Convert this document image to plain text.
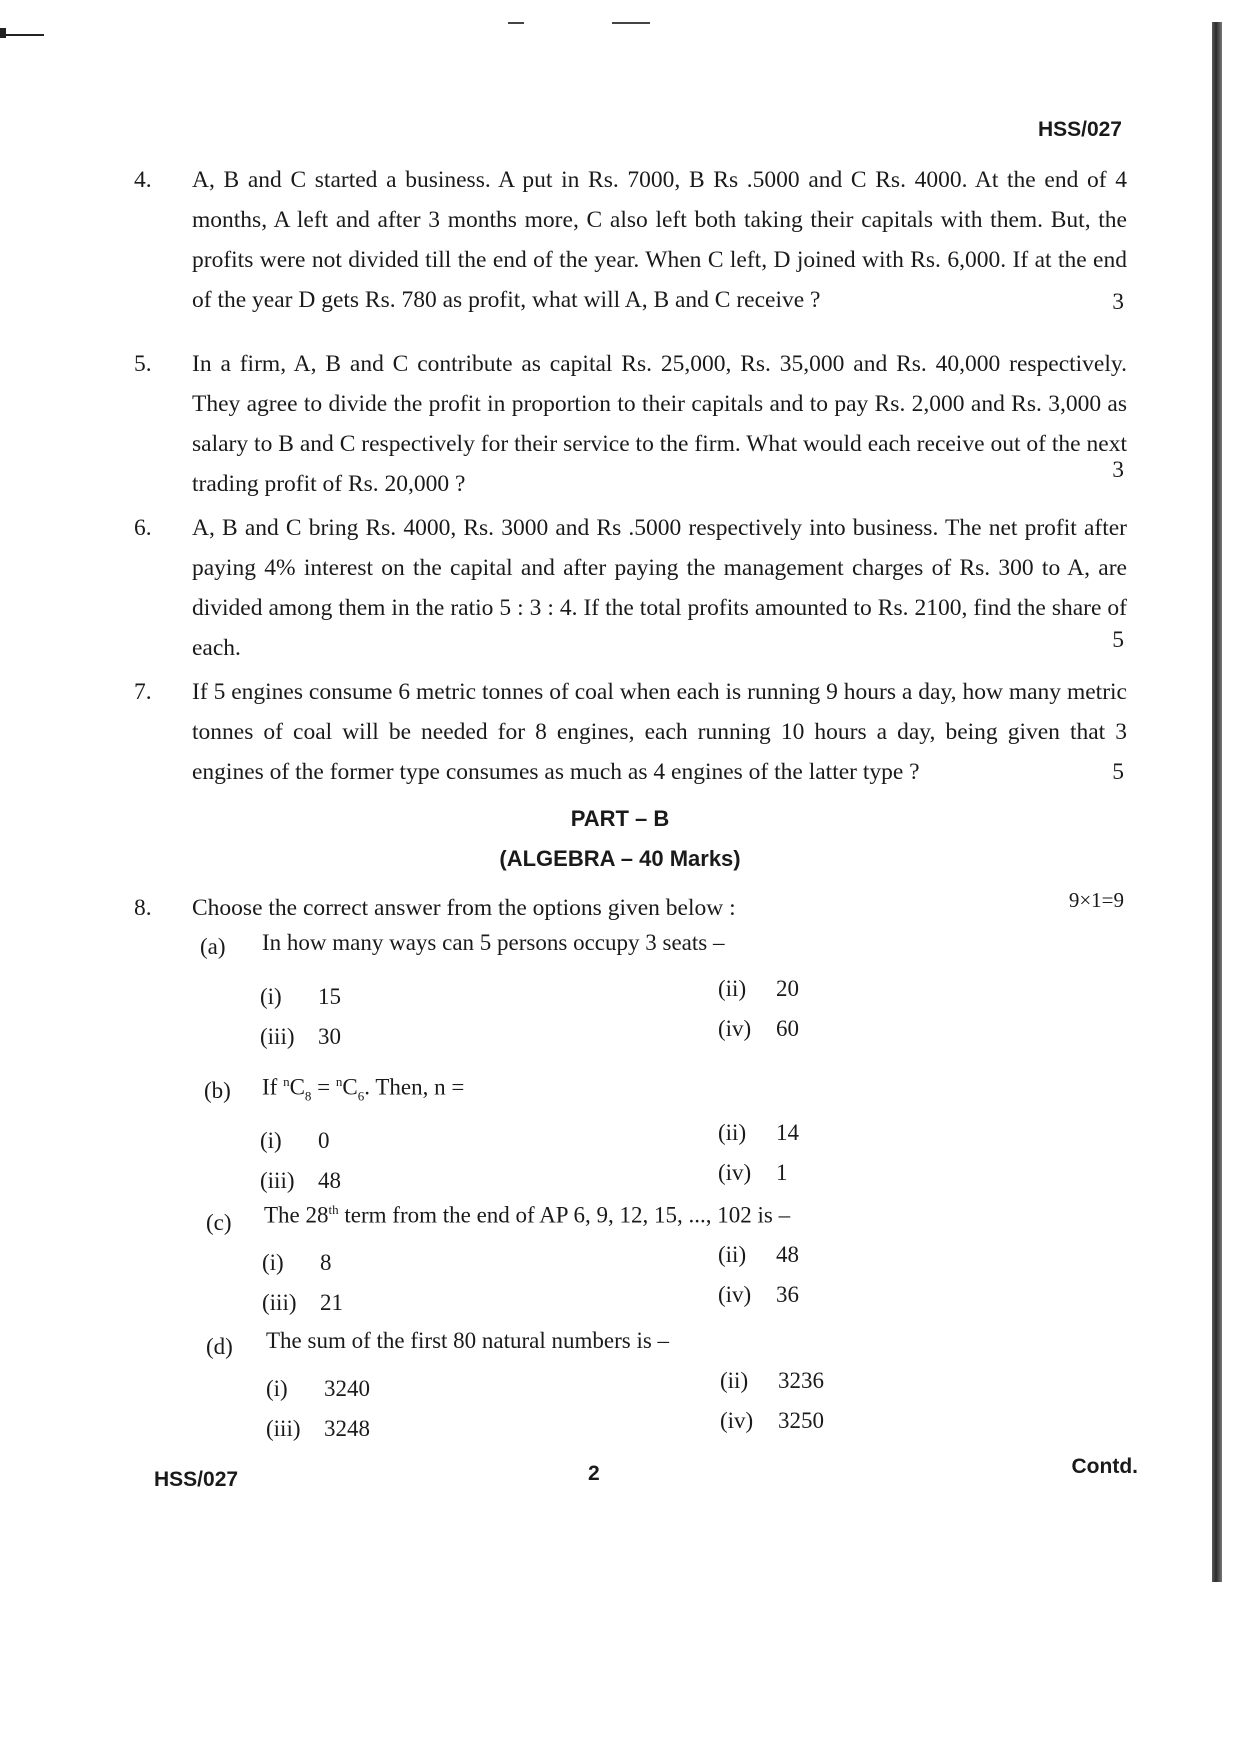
HSS/027
4. A, B and C started a business. A put in Rs. 7000, B Rs .5000 and C Rs. 4000. At the end of 4 months, A left and after 3 months more, C also left both taking their capitals with them. But, the profits were not divided till the end of the year. When C left, D joined with Rs. 6,000. If at the end of the year D gets Rs. 780 as profit, what will A, B and C receive ?	3
5. In a firm, A, B and C contribute as capital Rs. 25,000, Rs. 35,000 and Rs. 40,000 respectively. They agree to divide the profit in proportion to their capitals and to pay Rs. 2,000 and Rs. 3,000 as salary to B and C respectively for their service to the firm. What would each receive out of the next trading profit of Rs. 20,000 ?
3
6. A, B and C bring Rs. 4000, Rs. 3000 and Rs .5000 respectively into business. The net profit after paying 4% interest on the capital and after paying the management charges of Rs. 300 to A, are divided among them in the ratio 5 : 3 : 4. If the total profits amounted to Rs. 2100, find the share of each.	5
7. If 5 engines consume 6 metric tonnes of coal when each is running 9 hours a day, how many metric tonnes of coal will be needed for 8 engines, each running 10 hours a day, being given that 3 engines of the former type consumes as much as 4 engines of the latter type ?	5
PART – B
(ALGEBRA – 40 Marks)
8. Choose the correct answer from the options given below :	9×1=9
(a) In how many ways can 5 persons occupy 3 seats –
(i) 15	(ii) 20
(iii) 30	(iv) 60
(b) If $^nC_8 = ^nC_6$. Then, n =
(i) 0	(ii) 14
(iii) 48	(iv) 1
(c) The 28th term from the end of AP 6, 9, 12, 15, ..., 102 is –
(i) 8	(ii) 48
(iii) 21	(iv) 36
(d) The sum of the first 80 natural numbers is –
(i) 3240	(ii) 3236
(iii) 3248	(iv) 3250
HSS/027	2	Contd.
